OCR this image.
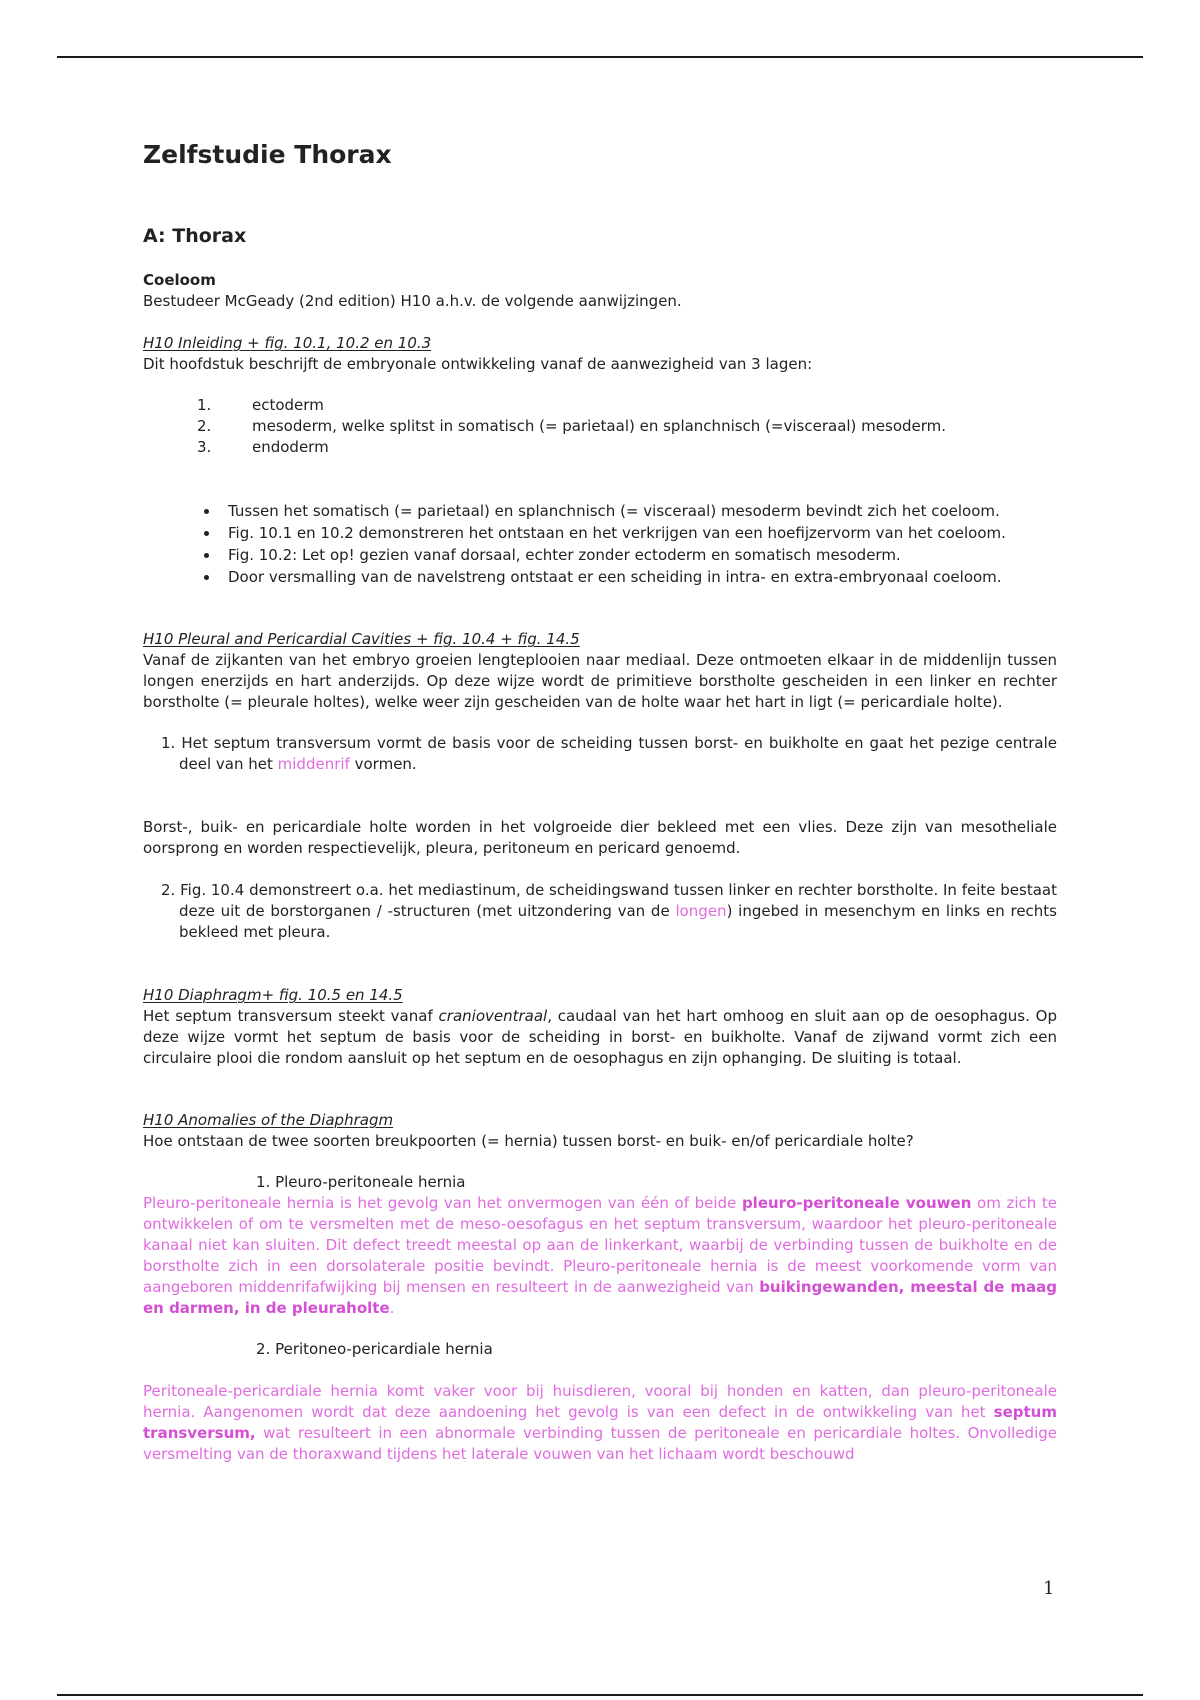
Zelfstudie Thorax
A: Thorax
Coeloom

Bestudeer McGeady (2nd edition) H10 a.h.v. de volgende aanwijzingen.

H10 Inleiding + fig. 10.1, 10.2 en 10.3

Dit hoofdstuk beschrijft de embryonale ontwikkeling vanaf de aanwezigheid van 3 lagen:

1.	ectoderm
2.	mesoderm, welke splitst in somatisch (= parietaal) en splanchnisch (=visceraal) mesoderm.
3.	endoderm
Tussen het somatisch (= parietaal) en splanchnisch (= visceraal) mesoderm bevindt zich het coeloom.
Fig. 10.1 en 10.2 demonstreren het ontstaan en het verkrijgen van een hoefijzervorm van het coeloom.
Fig. 10.2: Let op! gezien vanaf dorsaal, echter zonder ectoderm en somatisch mesoderm.
Door versmalling van de navelstreng ontstaat er een scheiding in intra- en extra-embryonaal coeloom.
H10 Pleural and Pericardial Cavities + fig. 10.4 + fig. 14.5

Vanaf de zijkanten van het embryo groeien lengteplooien naar mediaal. Deze ontmoeten elkaar in de middenlijn tussen longen enerzijds en hart anderzijds. Op deze wijze wordt de primitieve borstholte gescheiden in een linker en rechter borstholte (= pleurale holtes), welke weer zijn gescheiden van de holte waar het hart in ligt (= pericardiale holte).

1. Het septum transversum vormt de basis voor de scheiding tussen borst- en buikholte en gaat het pezige centrale deel van het middenrif vormen.

Borst-, buik- en pericardiale holte worden in het volgroeide dier bekleed met een vlies. Deze zijn van mesotheliale oorsprong en worden respectievelijk, pleura, peritoneum en pericard genoemd.

2. Fig. 10.4 demonstreert o.a. het mediastinum, de scheidingswand tussen linker en rechter borstholte. In feite bestaat deze uit de borstorganen / -structuren (met uitzondering van de longen) ingebed in mesenchym en links en rechts bekleed met pleura.

H10 Diaphragm+ fig. 10.5 en 14.5

Het septum transversum steekt vanaf cranioventraal, caudaal van het hart omhoog en sluit aan op de oesophagus. Op deze wijze vormt het septum de basis voor de scheiding in borst- en buikholte. Vanaf de zijwand vormt zich een circulaire plooi die rondom aansluit op het septum en de oesophagus en zijn ophanging. De sluiting is totaal.

H10 Anomalies of the Diaphragm

Hoe ontstaan de twee soorten breukpoorten (= hernia) tussen borst- en buik- en/of pericardiale holte?

1. Pleuro-peritoneale hernia

Pleuro-peritoneale hernia is het gevolg van het onvermogen van één of beide pleuro-peritoneale vouwen om zich te ontwikkelen of om te versmelten met de meso-oesofagus en het septum transversum, waardoor het pleuro-peritoneale kanaal niet kan sluiten. Dit defect treedt meestal op aan de linkerkant, waarbij de verbinding tussen de buikholte en de borstholte zich in een dorsolaterale positie bevindt. Pleuro-peritoneale hernia is de meest voorkomende vorm van aangeboren middenrifafwijking bij mensen en resulteert in de aanwezigheid van buikingewanden, meestal de maag en darmen, in de pleuraholte.

2. Peritoneo-pericardiale hernia

Peritoneale-pericardiale hernia komt vaker voor bij huisdieren, vooral bij honden en katten, dan pleuro-peritoneale hernia. Aangenomen wordt dat deze aandoening het gevolg is van een defect in de ontwikkeling van het septum transversum, wat resulteert in een abnormale verbinding tussen de peritoneale en pericardiale holtes. Onvolledige versmelting van de thoraxwand tijdens het laterale vouwen van het lichaam wordt beschouwd

1
